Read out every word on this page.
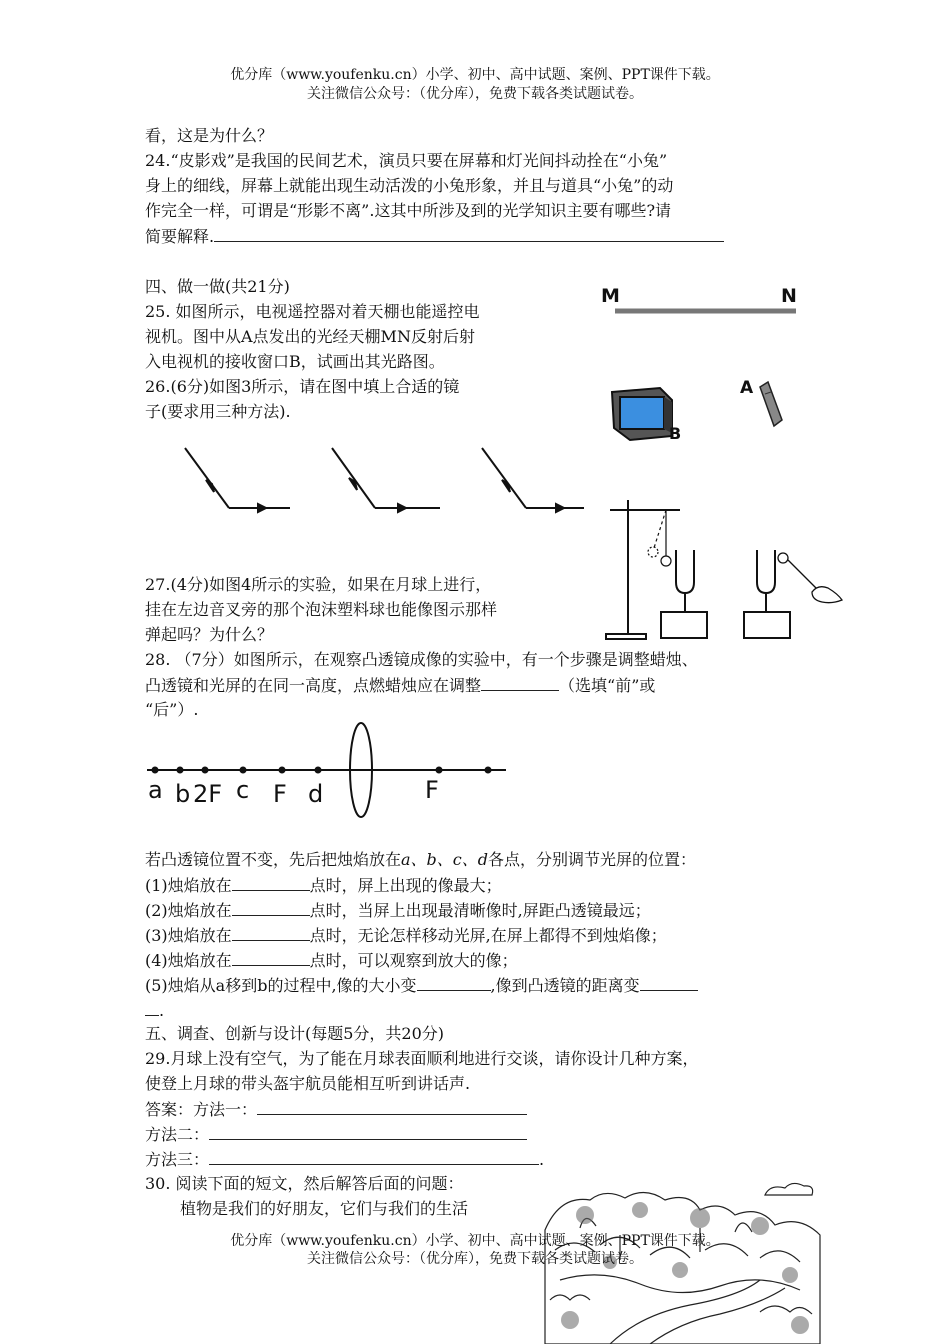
优分库（www.youfenku.cn）小学、初中、高中试题、案例、PPT课件下载。
关注微信公众号：（优分库），免费下载各类试题试卷。
看，这是为什么？
24.“皮影戏”是我国的民间艺术，演员只要在屏幕和灯光间抖动拴在“小兔”
身上的细线，屏幕上就能出现生动活泼的小兔形象，并且与道具“小兔”的动
作完全一样，可谓是“形影不离”.这其中所涉及到的光学知识主要有哪些?请
简要解释.
四、做一做(共21分)
25. 如图所示，电视遥控器对着天棚也能遥控电
视机。图中从A点发出的光经天棚MN反射后射
入电视机的接收窗口B，试画出其光路图。
26.(6分)如图3所示，请在图中填上合适的镜
子(要求用三种方法).
M	N
A
B
27.(4分)如图4所示的实验，如果在月球上进行，
挂在左边音叉旁的那个泡沫塑料球也能像图示那样
弹起吗？为什么？
28. （7分）如图所示，在观察凸透镜成像的实验中，有一个步骤是调整蜡烛、
凸透镜和光屏的在同一高度，点燃蜡烛应在调整	（选填“前”或
“后”）.
a b 2F c F d	F
若凸透镜位置不变，先后把烛焰放在a、b、c、d各点，分别调节光屏的位置：
(1)烛焰放在	点时，屏上出现的像最大；
(2)烛焰放在	点时，当屏上出现最清晰像时,屏距凸透镜最远；
(3)烛焰放在	点时，无论怎样移动光屏,在屏上都得不到烛焰像；
(4)烛焰放在	点时，可以观察到放大的像；
(5)烛焰从a移到b的过程中,像的大小变	,像到凸透镜的距离变
.
五、调查、创新与设计(每题5分，共20分)
29.月球上没有空气，为了能在月球表面顺利地进行交谈，请你设计几种方案，
使登上月球的带头盔宇航员能相互听到讲话声.
答案：方法一：
方法二：
方法三：	.
30. 阅读下面的短文，然后解答后面的问题：
植物是我们的好朋友，它们与我们的生活
优分库（www.youfenku.cn）小学、初中、高中试题、案例、PPT课件下载。
关注微信公众号：（优分库），免费下载各类试题试卷。
